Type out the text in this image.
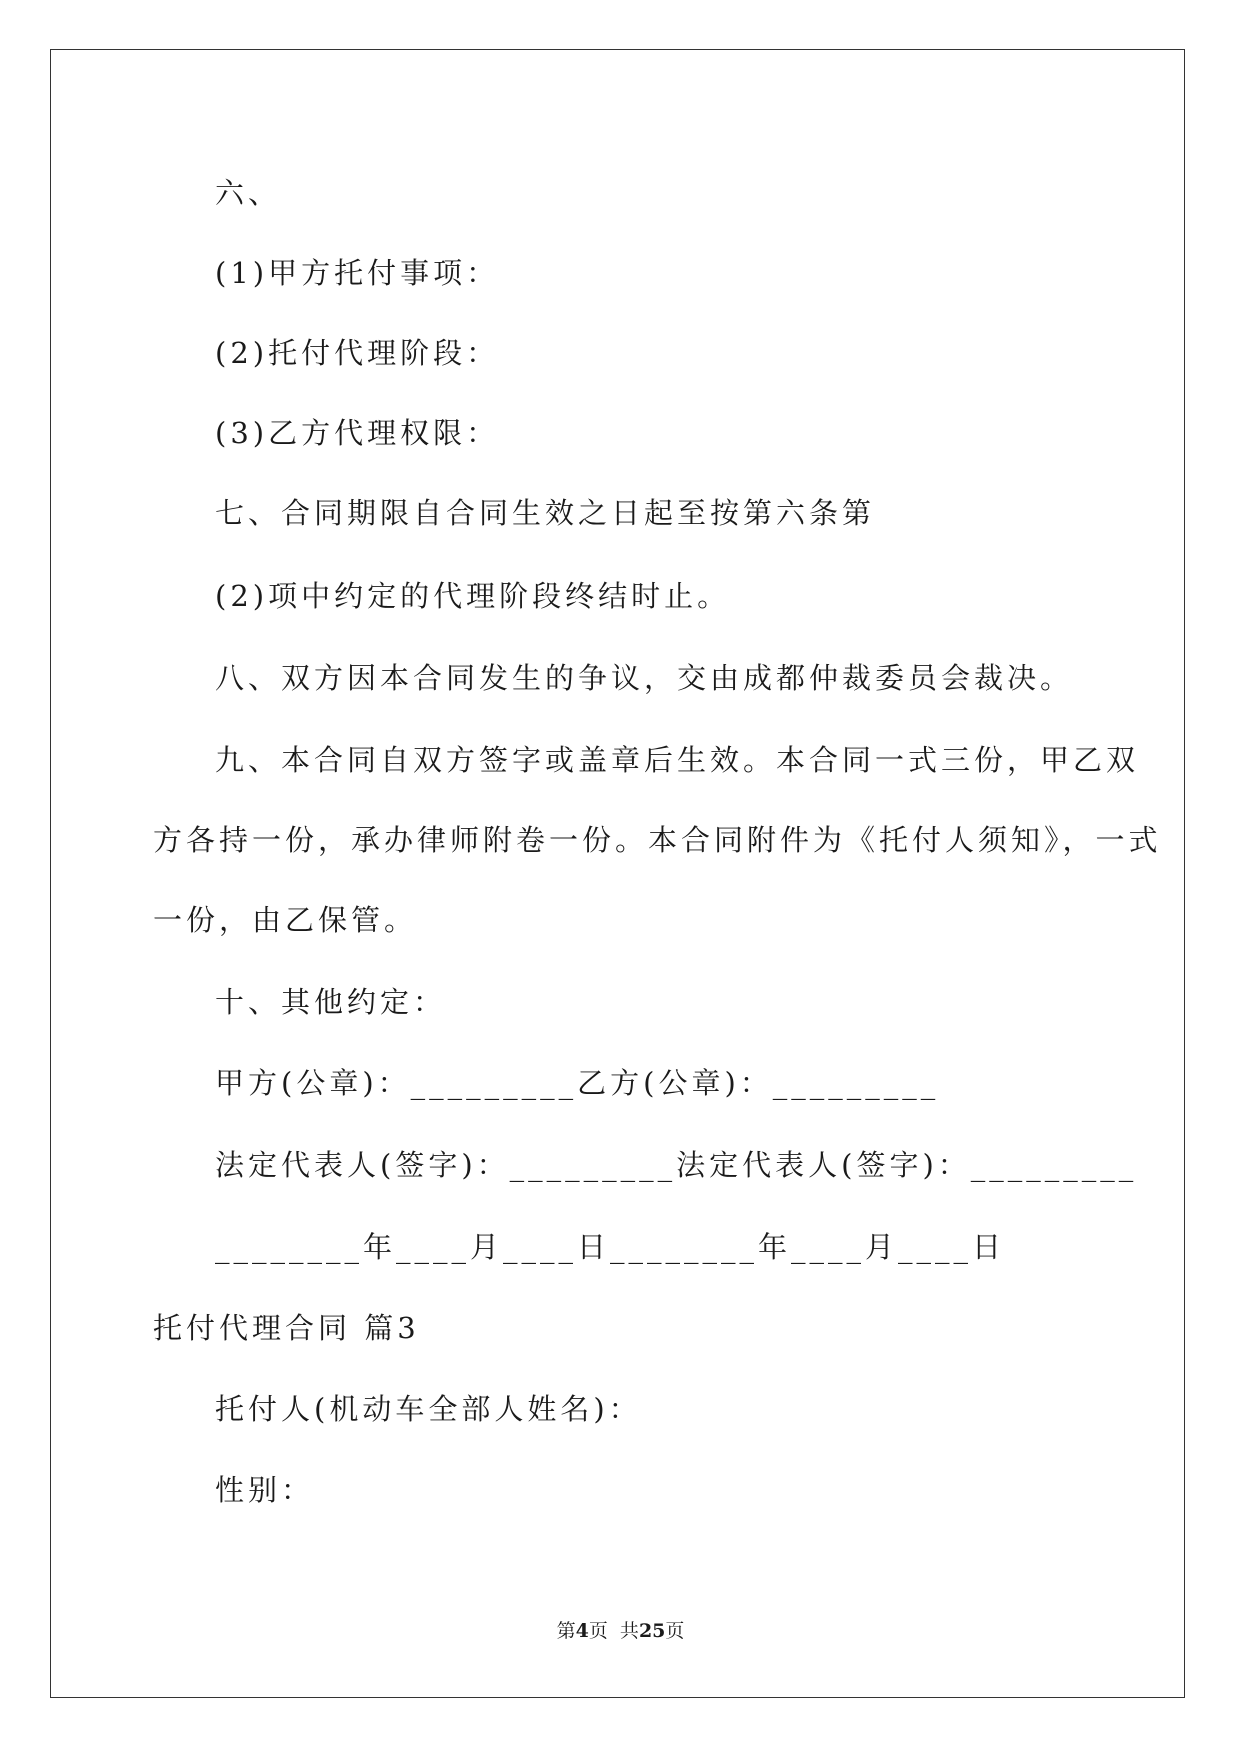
六、
(1)甲方托付事项：
(2)托付代理阶段：
(3)乙方代理权限：
七、合同期限自合同生效之日起至按第六条第
(2)项中约定的代理阶段终结时止。
八、双方因本合同发生的争议，交由成都仲裁委员会裁决。
九、本合同自双方签字或盖章后生效。本合同一式三份，甲乙双
方各持一份，承办律师附卷一份。本合同附件为《托付人须知》，一式
一份，由乙保管。
十、其他约定：
甲方(公章)：_________乙方(公章)：_________
法定代表人(签字)：_________法定代表人(签字)：_________
________年____月____日________年____月____日
托付代理合同 篇3
托付人(机动车全部人姓名)：
性别：
第4页  共25页
